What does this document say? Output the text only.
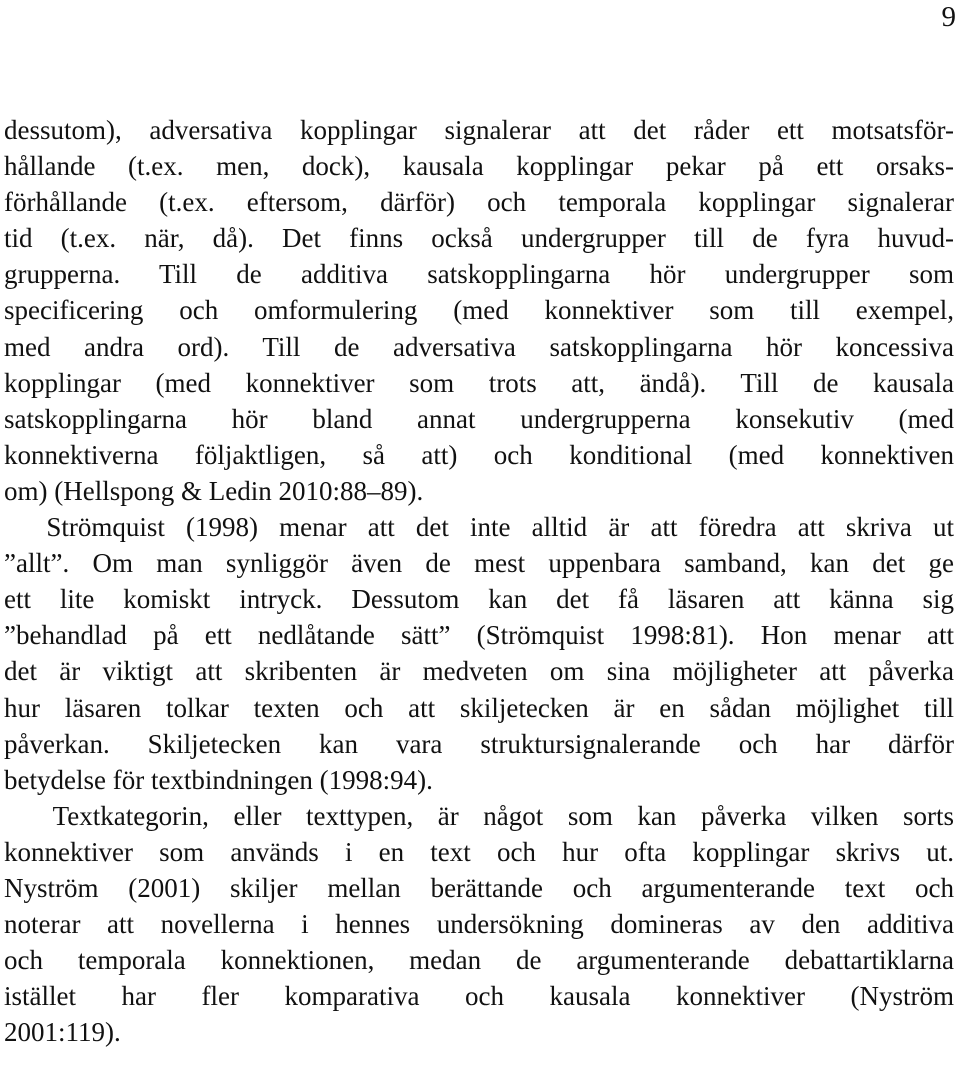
9

dessutom), adversativa kopplingar signalerar att det råder ett motsatsför-
hållande (t.ex. men, dock), kausala kopplingar pekar på ett orsaks-
förhållande (t.ex. eftersom, därför) och temporala kopplingar signalerar
tid (t.ex. när, då). Det finns också undergrupper till de fyra huvud-
grupperna. Till de additiva satskopplingarna hör undergrupper som
specificering och omformulering (med konnektiver som till exempel,
med andra ord). Till de adversativa satskopplingarna hör koncessiva
kopplingar (med konnektiver som trots att, ändå). Till de kausala
satskopplingarna hör bland annat undergrupperna konsekutiv (med
konnektiverna följaktligen, så att) och konditional (med konnektiven
om) (Hellspong & Ledin 2010:88–89).

Strömquist (1998) menar att det inte alltid är att föredra att skriva ut
”allt”. Om man synliggör även de mest uppenbara samband, kan det ge
ett lite komiskt intryck. Dessutom kan det få läsaren att känna sig
”behandlad på ett nedlåtande sätt” (Strömquist 1998:81). Hon menar att
det är viktigt att skribenten är medveten om sina möjligheter att påverka
hur läsaren tolkar texten och att skiljetecken är en sådan möjlighet till
påverkan. Skiljetecken kan vara struktursignalerande och har därför
betydelse för textbindningen (1998:94).

Textkategorin, eller texttypen, är något som kan påverka vilken sorts
konnektiver som används i en text och hur ofta kopplingar skrivs ut.
Nyström (2001) skiljer mellan berättande och argumenterande text och
noterar att novellerna i hennes undersökning domineras av den additiva
och temporala konnektionen, medan de argumenterande debattartiklarna
istället har fler komparativa och kausala konnektiver (Nyström
2001:119).
